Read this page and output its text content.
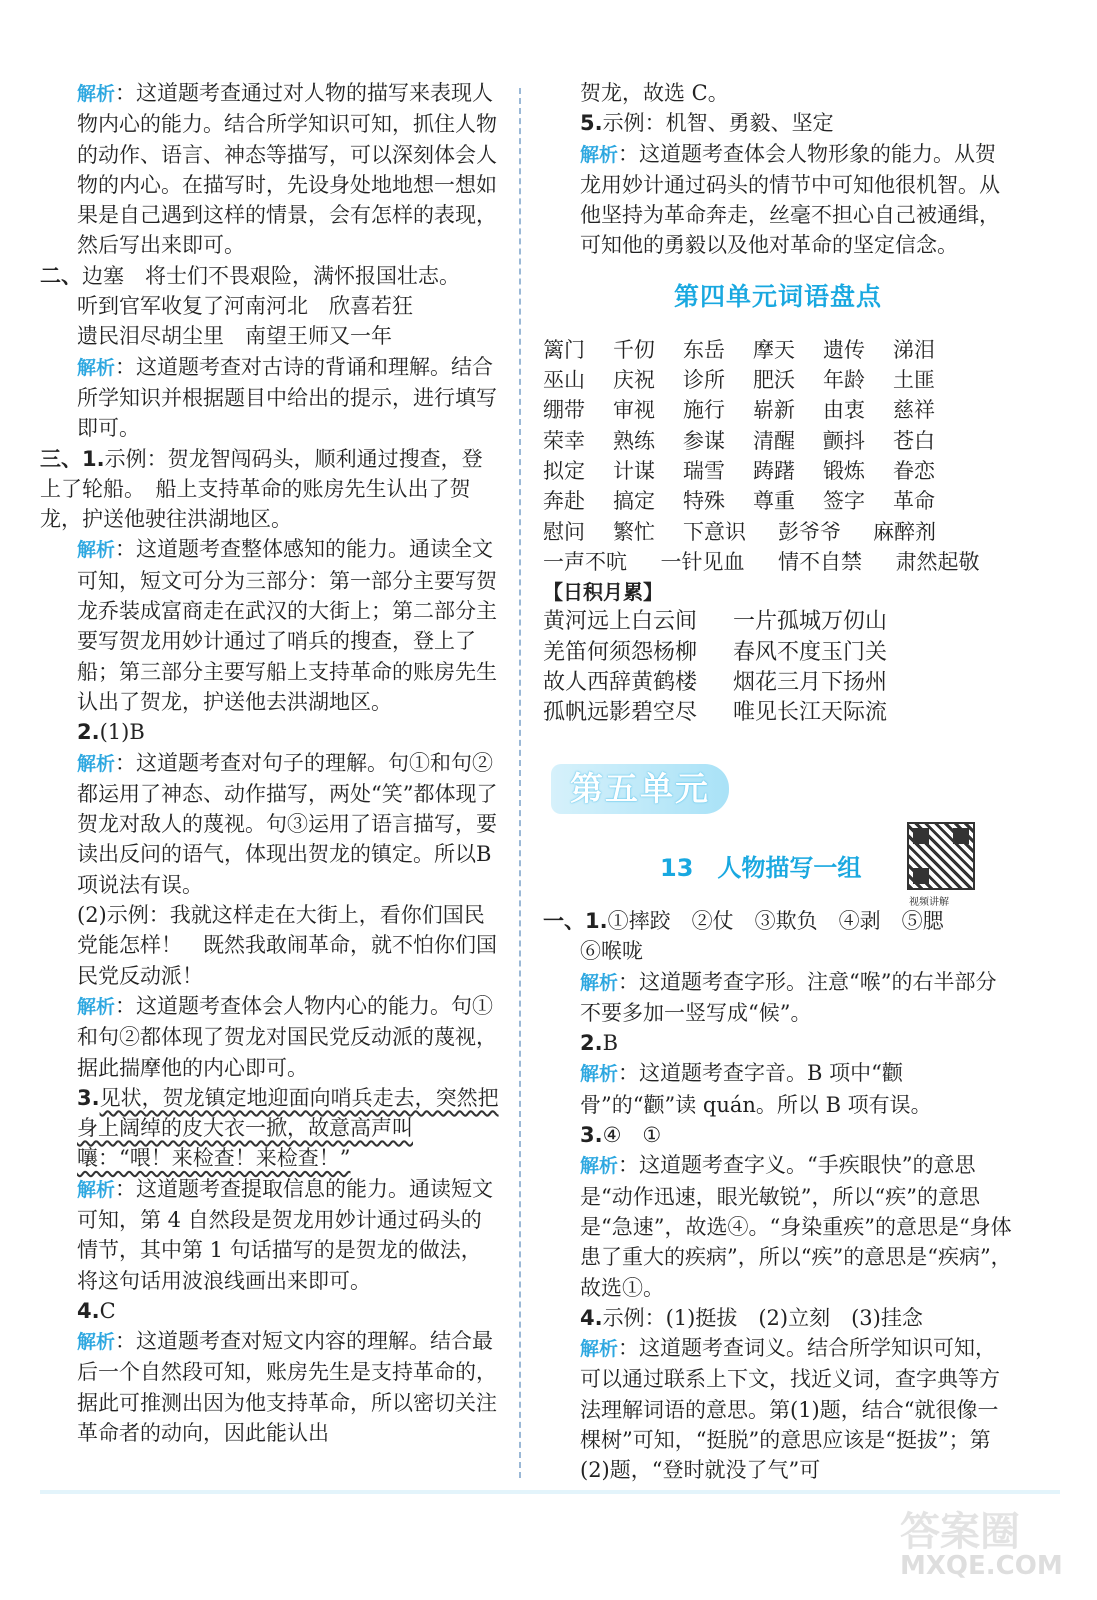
解析：这道题考查通过对人物的描写来表现人物内心的能力。结合所学知识可知，抓住人物的动作、语言、神态等描写，可以深刻体会人物的内心。在描写时，先设身处地地想一想如果是自己遇到这样的情景，会有怎样的表现，然后写出来即可。

二、边塞　将士们不畏艰险，满怀报国壮志。

听到官军收复了河南河北　欣喜若狂

遗民泪尽胡尘里　南望王师又一年

解析：这道题考查对古诗的背诵和理解。结合所学知识并根据题目中给出的提示，进行填写即可。

三、1.示例：贺龙智闯码头，顺利通过搜查，登上了轮船。　船上支持革命的账房先生认出了贺龙，护送他驶往洪湖地区。

解析：这道题考查整体感知的能力。通读全文可知，短文可分为三部分：第一部分主要写贺龙乔装成富商走在武汉的大街上；第二部分主要写贺龙用妙计通过了哨兵的搜查，登上了船；第三部分主要写船上支持革命的账房先生认出了贺龙，护送他去洪湖地区。

2.(1)B

解析：这道题考查对句子的理解。句①和句②都运用了神态、动作描写，两处“笑”都体现了贺龙对敌人的蔑视。句③运用了语言描写，要读出反问的语气，体现出贺龙的镇定。所以B项说法有误。

(2)示例：我就这样走在大街上，看你们国民党能怎样！　既然我敢闹革命，就不怕你们国民党反动派！

解析：这道题考查体会人物内心的能力。句①和句②都体现了贺龙对国民党反动派的蔑视，据此揣摩他的内心即可。

3.见状，贺龙镇定地迎面向哨兵走去，突然把身上阔绰的皮大衣一掀，故意高声叫嚷：“喂！来检查！来检查！”

解析：这道题考查提取信息的能力。通读短文可知，第 4 自然段是贺龙用妙计通过码头的情节，其中第 1 句话描写的是贺龙的做法，将这句话用波浪线画出来即可。

4.C

解析：这道题考查对短文内容的理解。结合最后一个自然段可知，账房先生是支持革命的，据此可推测出因为他支持革命，所以密切关注革命者的动向，因此能认出

贺龙，故选 C。

5.示例：机智、勇毅、坚定

解析：这道题考查体会人物形象的能力。从贺龙用妙计通过码头的情节中可知他很机智。从他坚持为革命奔走，丝毫不担心自己被通缉，可知他的勇毅以及他对革命的坚定信念。

第四单元词语盘点
篱门	千仞	东岳	摩天	遗传	涕泪
巫山	庆祝	诊所	肥沃	年龄	土匪
绷带	审视	施行	崭新	由衷	慈祥
荣幸	熟练	参谋	清醒	颤抖	苍白
拟定	计谋	瑞雪	踌躇	锻炼	眷恋
奔赴	搞定	特殊	尊重	签字	革命
慰问	繁忙	下意识	彭爷爷	麻醉剂
一声不吭	一针见血	情不自禁	肃然起敬
【日积月累】
黄河远上白云间	一片孤城万仞山
羌笛何须怨杨柳	春风不度玉门关
故人西辞黄鹤楼	烟花三月下扬州
孤帆远影碧空尽	唯见长江天际流
第五单元
13 人物描写一组
视频讲解

一、1.①摔跤　②仗　③欺负　④剥　⑤腮

⑥喉咙

解析：这道题考查字形。注意“喉”的右半部分不要多加一竖写成“候”。

2.B

解析：这道题考查字音。B 项中“颧骨”的“颧”读 quán。所以 B 项有误。

3.④　①

解析：这道题考查字义。“手疾眼快”的意思是“动作迅速，眼光敏锐”，所以“疾”的意思是“急速”，故选④。“身染重疾”的意思是“身体患了重大的疾病”，所以“疾”的意思是“疾病”，故选①。

4.示例：(1)挺拔　(2)立刻　(3)挂念

解析：这道题考查词义。结合所学知识可知，可以通过联系上下文，找近义词，查字典等方法理解词语的意思。第(1)题，结合“就很像一棵树”可知，“挺脱”的意思应该是“挺拔”；第(2)题，“登时就没了气”可

答案圈
MXQE.COM
